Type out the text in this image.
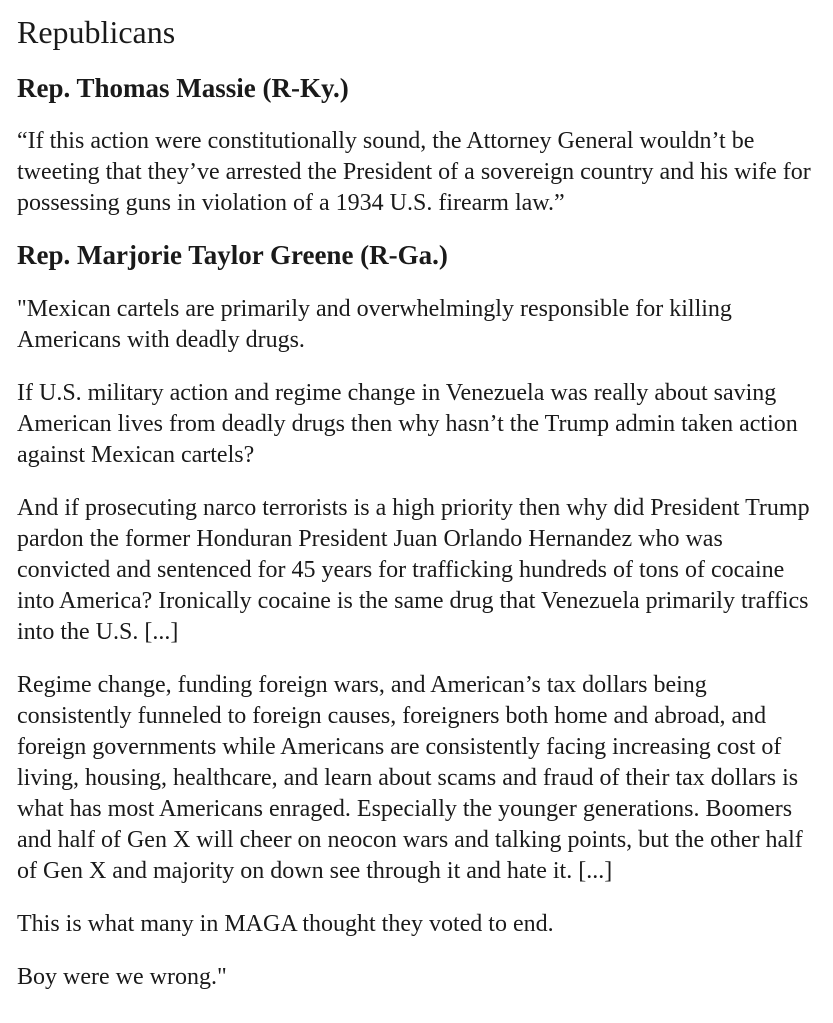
Republicans
Rep. Thomas Massie (R-Ky.)

“If this action were constitutionally sound, the Attorney General wouldn’t be tweeting that they’ve arrested the President of a sovereign country and his wife for possessing guns in violation of a 1934 U.S. firearm law.”

Rep. Marjorie Taylor Greene (R-Ga.)

"Mexican cartels are primarily and overwhelmingly responsible for killing Americans with deadly drugs.

If U.S. military action and regime change in Venezuela was really about saving American lives from deadly drugs then why hasn’t the Trump admin taken action against Mexican cartels?

And if prosecuting narco terrorists is a high priority then why did President Trump pardon the former Honduran President Juan Orlando Hernandez who was convicted and sentenced for 45 years for trafficking hundreds of tons of cocaine into America? Ironically cocaine is the same drug that Venezuela primarily traffics into the U.S. [...]

Regime change, funding foreign wars, and American’s tax dollars being consistently funneled to foreign causes, foreigners both home and abroad, and foreign governments while Americans are consistently facing increasing cost of living, housing, healthcare, and learn about scams and fraud of their tax dollars is what has most Americans enraged. Especially the younger generations. Boomers and half of Gen X will cheer on neocon wars and talking points, but the other half of Gen X and majority on down see through it and hate it. [...]

This is what many in MAGA thought they voted to end.

Boy were we wrong."
